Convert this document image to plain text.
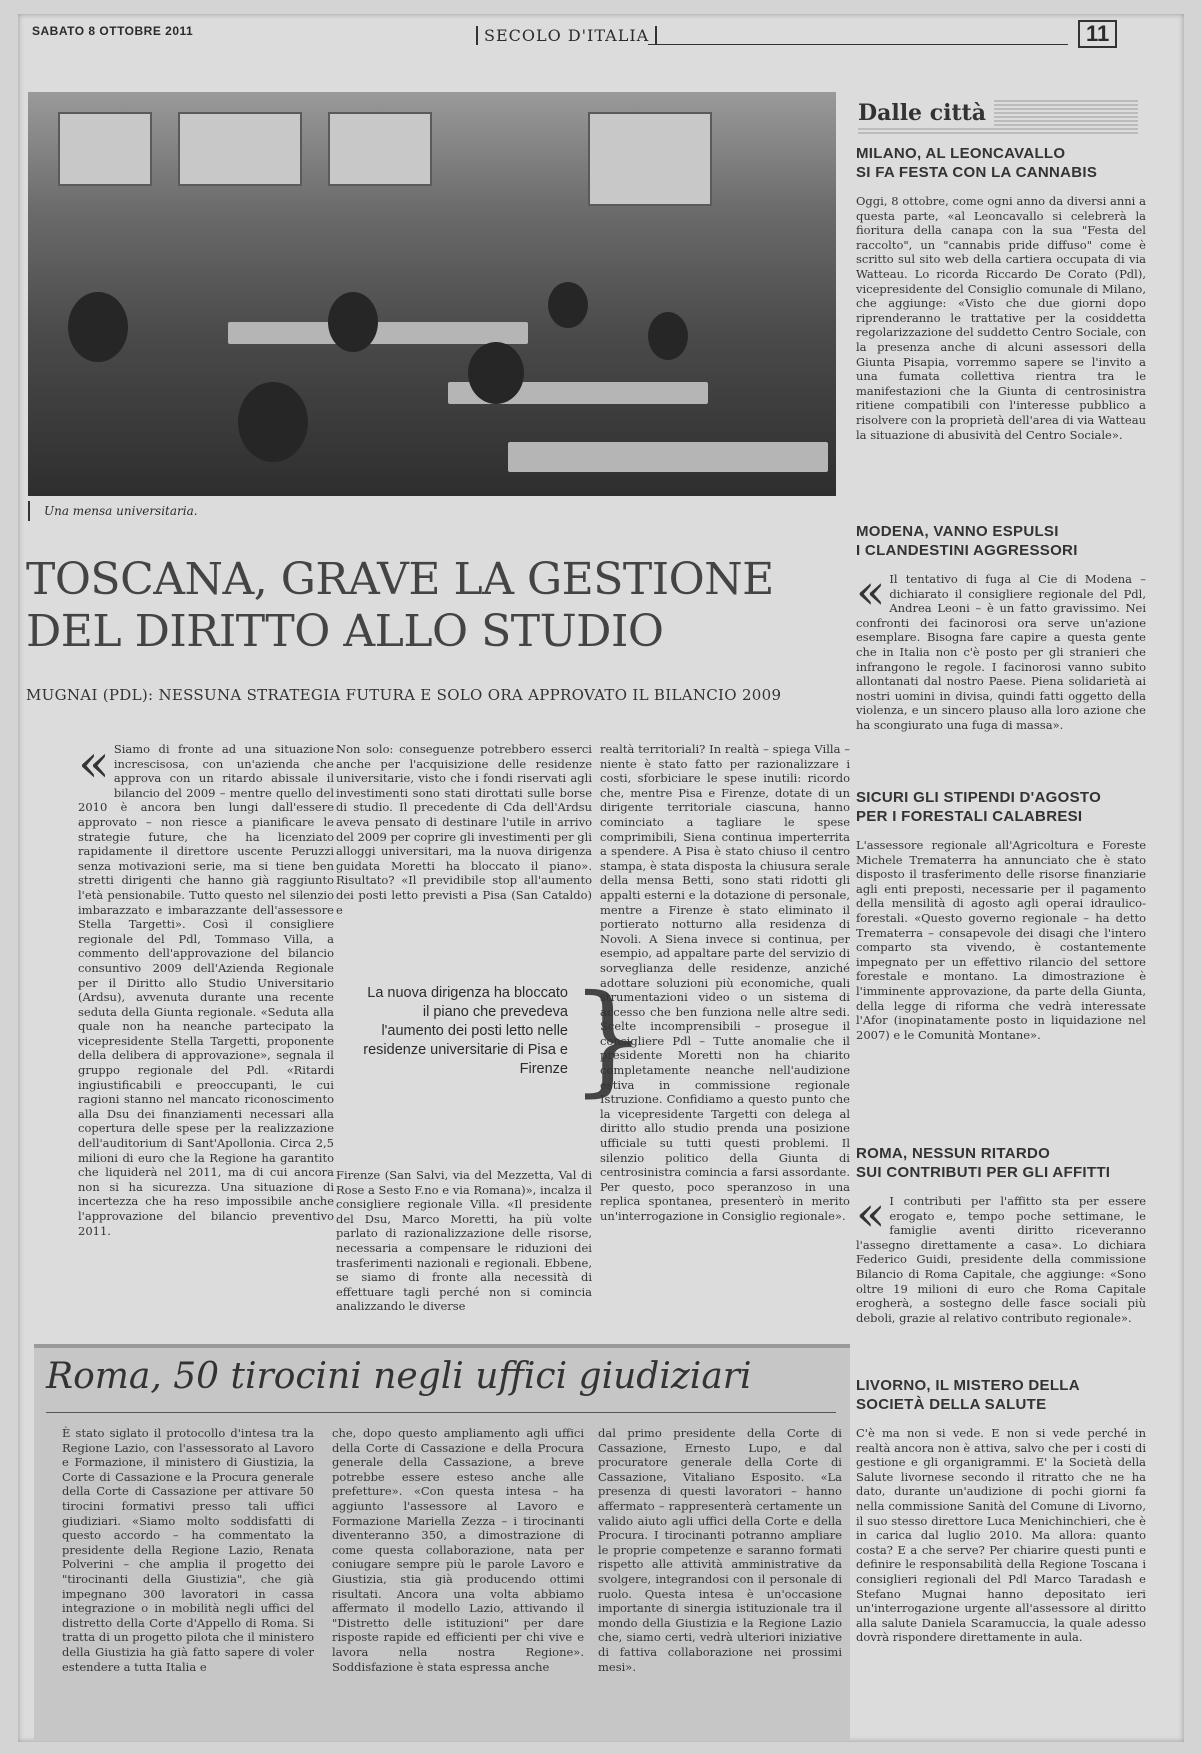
SABATO 8 OTTOBRE 2011	SECOLO D'ITALIA	11
Una mensa universitaria.
TOSCANA, GRAVE LA GESTIONE
DEL DIRITTO ALLO STUDIO
MUGNAI (PDL): NESSUNA STRATEGIA FUTURA E SOLO ORA APPROVATO IL BILANCIO 2009
« Siamo di fronte ad una situazione increscisosa, con un'azienda che approva con un ritardo abissale il bilancio del 2009 – mentre quello del 2010 è ancora ben lungi dall'essere approvato – non riesce a pianificare le strategie future, che ha licenziato rapidamente il direttore uscente Peruzzi senza motivazioni serie, ma si tiene ben stretti dirigenti che hanno già raggiunto l'età pensionabile. Tutto questo nel silenzio imbarazzato e imbarazzante dell'assessore Stella Targetti». Così il consigliere regionale del Pdl, Tommaso Villa, a commento dell'approvazione del bilancio consuntivo 2009 dell'Azienda Regionale per il Diritto allo Studio Universitario (Ardsu), avvenuta durante una recente seduta della Giunta regionale. «Seduta alla quale non ha neanche partecipato la vicepresidente Stella Targetti, proponente della delibera di approvazione», segnala il gruppo regionale del Pdl. «Ritardi ingiustificabili e preoccupanti, le cui ragioni stanno nel mancato riconoscimento alla Dsu dei finanziamenti necessari alla copertura delle spese per la realizzazione dell'auditorium di Sant'Apollonia. Circa 2,5 milioni di euro che la Regione ha garantito che liquiderà nel 2011, ma di cui ancora non si ha sicurezza. Una situazione di incertezza che ha reso impossibile anche l'approvazione del bilancio preventivo 2011.

Non solo: conseguenze potrebbero esserci anche per l'acquisizione delle residenze universitarie, visto che i fondi riservati agli investimenti sono stati dirottati sulle borse di studio. Il precedente di Cda dell'Ardsu aveva pensato di destinare l'utile in arrivo del 2009 per coprire gli investimenti per gli alloggi universitari, ma la nuova dirigenza guidata Moretti ha bloccato il piano». Risultato? «Il previdibile stop all'aumento dei posti letto previsti a Pisa (San Cataldo) e

La nuova dirigenza ha bloccato il piano che prevedeva l'aumento dei posti letto nelle residenze universitarie di Pisa e Firenze }

Firenze (San Salvi, via del Mezzetta, Val di Rose a Sesto F.no e via Romana)», incalza il consigliere regionale Villa. «Il presidente del Dsu, Marco Moretti, ha più volte parlato di razionalizzazione delle risorse, necessaria a compensare le riduzioni dei trasferimenti nazionali e regionali. Ebbene, se siamo di fronte alla necessità di effettuare tagli perché non si comincia analizzando le diverse

realtà territoriali? In realtà – spiega Villa – niente è stato fatto per razionalizzare i costi, sforbiciare le spese inutili: ricordo che, mentre Pisa e Firenze, dotate di un dirigente territoriale ciascuna, hanno cominciato a tagliare le spese comprimibili, Siena continua imperterrita a spendere. A Pisa è stato chiuso il centro stampa, è stata disposta la chiusura serale della mensa Betti, sono stati ridotti gli appalti esterni e la dotazione di personale, mentre a Firenze è stato eliminato il portierato notturno alla residenza di Novoli. A Siena invece si continua, per esempio, ad appaltare parte del servizio di sorveglianza delle residenze, anziché adottare soluzioni più economiche, quali strumentazioni video o un sistema di accesso che ben funziona nelle altre sedi. Scelte incomprensibili – prosegue il consigliere Pdl – Tutte anomalie che il presidente Moretti non ha chiarito completamente neanche nell'audizione estiva in commissione regionale Istruzione. Confidiamo a questo punto che la vicepresidente Targetti con delega al diritto allo studio prenda una posizione ufficiale su tutti questi problemi. Il silenzio politico della Giunta di centrosinistra comincia a farsi assordante. Per questo, poco speranzoso in una replica spontanea, presenterò in merito un'interrogazione in Consiglio regionale».

Roma, 50 tirocini negli uffici giudiziari

È stato siglato il protocollo d'intesa tra la Regione Lazio, con l'assessorato al Lavoro e Formazione, il ministero di Giustizia, la Corte di Cassazione e la Procura generale della Corte di Cassazione per attivare 50 tirocini formativi presso tali uffici giudiziari. «Siamo molto soddisfatti di questo accordo – ha commentato la presidente della Regione Lazio, Renata Polverini – che amplia il progetto dei "tirocinanti della Giustizia", che già impegnano 300 lavoratori in cassa integrazione o in mobilità negli uffici del distretto della Corte d'Appello di Roma. Si tratta di un progetto pilota che il ministero della Giustizia ha già fatto sapere di voler estendere a tutta Italia e

che, dopo questo ampliamento agli uffici della Corte di Cassazione e della Procura generale della Cassazione, a breve potrebbe essere esteso anche alle prefetture». «Con questa intesa – ha aggiunto l'assessore al Lavoro e Formazione Mariella Zezza – i tirocinanti diventeranno 350, a dimostrazione di come questa collaborazione, nata per coniugare sempre più le parole Lavoro e Giustizia, stia già producendo ottimi risultati. Ancora una volta abbiamo affermato il modello Lazio, attivando il "Distretto delle istituzioni" per dare risposte rapide ed efficienti per chi vive e lavora nella nostra Regione». Soddisfazione è stata espressa anche

dal primo presidente della Corte di Cassazione, Ernesto Lupo, e dal procuratore generale della Corte di Cassazione, Vitaliano Esposito. «La presenza di questi lavoratori – hanno affermato – rappresenterà certamente un valido aiuto agli uffici della Corte e della Procura. I tirocinanti potranno ampliare le proprie competenze e saranno formati rispetto alle attività amministrative da svolgere, integrandosi con il personale di ruolo. Questa intesa è un'occasione importante di sinergia istituzionale tra il mondo della Giustizia e la Regione Lazio che, siamo certi, vedrà ulteriori iniziative di fattiva collaborazione nei prossimi mesi».

Dalle città
MILANO, AL LEONCAVALLO
SI FA FESTA CON LA CANNABIS

Oggi, 8 ottobre, come ogni anno da diversi anni a questa parte, «al Leoncavallo si celebrerà la fioritura della canapa con la sua "Festa del raccolto", un "cannabis pride diffuso" come è scritto sul sito web della cartiera occupata di via Watteau. Lo ricorda Riccardo De Corato (Pdl), vicepresidente del Consiglio comunale di Milano, che aggiunge: «Visto che due giorni dopo riprenderanno le trattative per la cosiddetta regolarizzazione del suddetto Centro Sociale, con la presenza anche di alcuni assessori della Giunta Pisapia, vorremmo sapere se l'invito a una fumata collettiva rientra tra le manifestazioni che la Giunta di centrosinistra ritiene compatibili con l'interesse pubblico a risolvere con la proprietà dell'area di via Watteau la situazione di abusività del Centro Sociale».

MODENA, VANNO ESPULSI
I CLANDESTINI AGGRESSORI
« Il tentativo di fuga al Cie di Modena – dichiarato il consigliere regionale del Pdl, Andrea Leoni – è un fatto gravissimo. Nei confronti dei facinorosi ora serve un'azione esemplare. Bisogna fare capire a questa gente che in Italia non c'è posto per gli stranieri che infrangono le regole. I facinorosi vanno subito allontanati dal nostro Paese. Piena solidarietà ai nostri uomini in divisa, quindi fatti oggetto della violenza, e un sincero plauso alla loro azione che ha scongiurato una fuga di massa».

SICURI GLI STIPENDI D'AGOSTO
PER I FORESTALI CALABRESI

L'assessore regionale all'Agricoltura e Foreste Michele Trematerra ha annunciato che è stato disposto il trasferimento delle risorse finanziarie agli enti preposti, necessarie per il pagamento della mensilità di agosto agli operai idraulico-forestali. «Questo governo regionale – ha detto Trematerra – consapevole dei disagi che l'intero comparto sta vivendo, è costantemente impegnato per un effettivo rilancio del settore forestale e montano. La dimostrazione è l'imminente approvazione, da parte della Giunta, della legge di riforma che vedrà interessate l'Afor (inopinatamente posto in liquidazione nel 2007) e le Comunità Montane».

ROMA, NESSUN RITARDO
SUI CONTRIBUTI PER GLI AFFITTI
« I contributi per l'affitto sta per essere erogato e, tempo poche settimane, le famiglie aventi diritto riceveranno l'assegno direttamente a casa». Lo dichiara Federico Guidi, presidente della commissione Bilancio di Roma Capitale, che aggiunge: «Sono oltre 19 milioni di euro che Roma Capitale erogherà, a sostegno delle fasce sociali più deboli, grazie al relativo contributo regionale».

LIVORNO, IL MISTERO DELLA
SOCIETÀ DELLA SALUTE

C'è ma non si vede. E non si vede perché in realtà ancora non è attiva, salvo che per i costi di gestione e gli organigrammi. E' la Società della Salute livornese secondo il ritratto che ne ha dato, durante un'audizione di pochi giorni fa nella commissione Sanità del Comune di Livorno, il suo stesso direttore Luca Menichinchieri, che è in carica dal luglio 2010. Ma allora: quanto costa? E a che serve? Per chiarire questi punti e definire le responsabilità della Regione Toscana i consiglieri regionali del Pdl Marco Taradash e Stefano Mugnai hanno depositato ieri un'interrogazione urgente all'assessore al diritto alla salute Daniela Scaramuccia, la quale adesso dovrà rispondere direttamente in aula.
